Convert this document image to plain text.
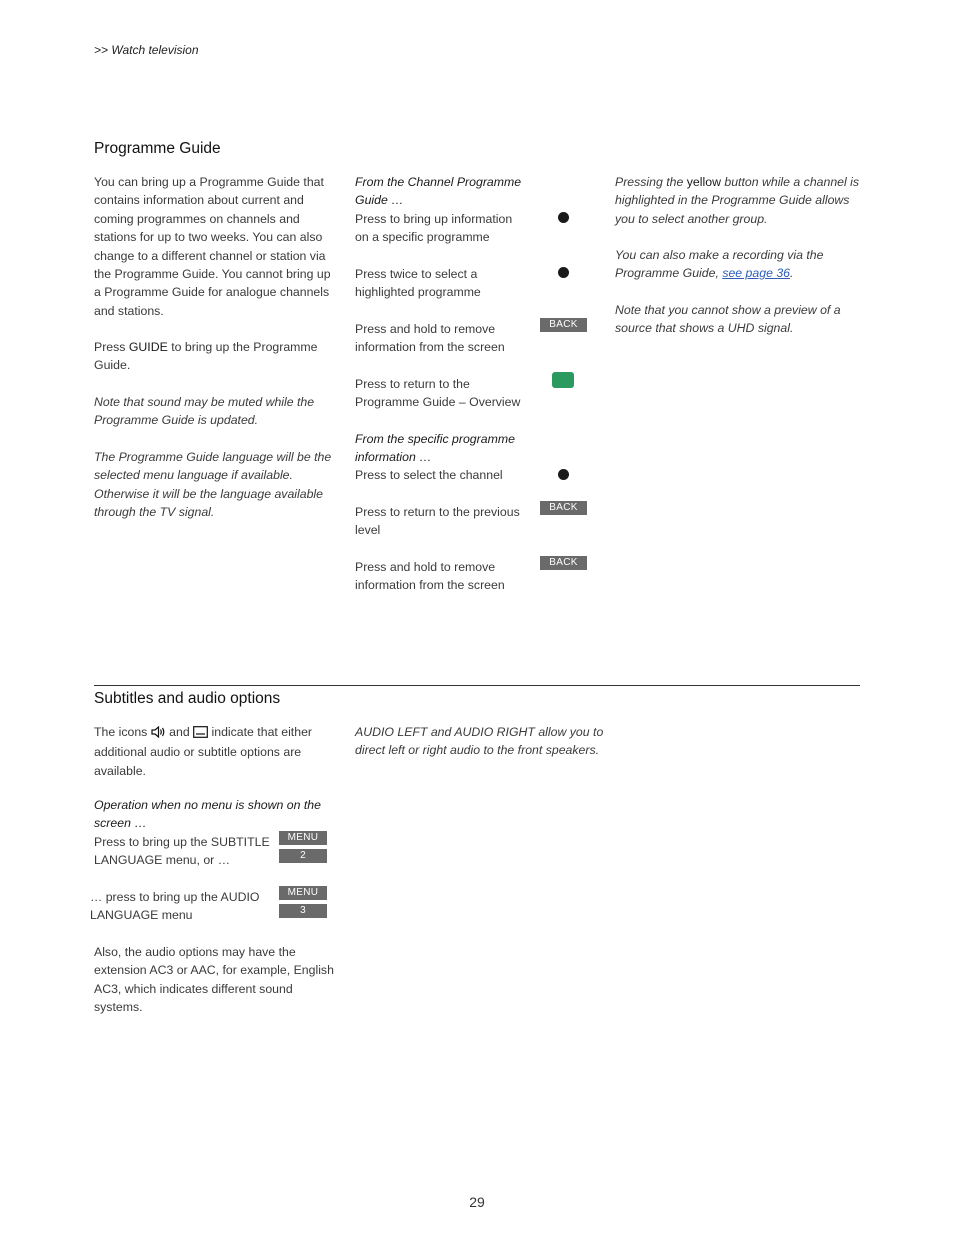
>> Watch television
Programme Guide

You can bring up a Programme Guide that contains information about current and coming programmes on channels and stations for up to two weeks. You can also change to a different channel or station via the Programme Guide. You cannot bring up a Programme Guide for analogue channels and stations.

Press GUIDE to bring up the Programme Guide.

Note that sound may be muted while the Programme Guide is updated.

The Programme Guide language will be the selected menu language if available. Otherwise it will be the language available through the TV signal.

From the Channel Programme Guide …

Press to bring up information on a specific programme

Press twice to select a highlighted programme

Press and hold to remove information from the screen

BACK

Press to return to the Programme Guide – Overview

From the specific programme information …

Press to select the channel

Press to return to the previous level

BACK

Press and hold to remove information from the screen

BACK

Pressing the yellow button while a channel is highlighted in the Programme Guide allows you to select another group.

You can also make a recording via the Programme Guide, see page 36.

Note that you cannot show a preview of a source that shows a UHD signal.

Subtitles and audio options

The icons  and  indicate that either additional audio or subtitle options are available.

Operation when no menu is shown on the screen …

Press to bring up the SUBTITLE LANGUAGE menu, or …

MENU
2

… press to bring up the AUDIO LANGUAGE menu

MENU
3

Also, the audio options may have the extension AC3 or AAC, for example, English AC3, which indicates different sound systems.

AUDIO LEFT and AUDIO RIGHT allow you to direct left or right audio to the front speakers.

29
